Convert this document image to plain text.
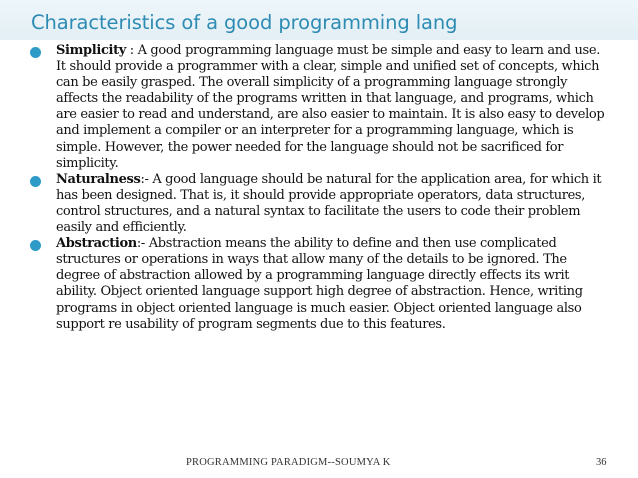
Characteristics of a good programming lang
Simplicity : A good programming language must be simple and easy to learn and use. It should provide a programmer with a clear, simple and unified set of concepts, which can be easily grasped. The overall simplicity of a programming language strongly affects the readability of the programs written in that language, and programs, which are easier to read and understand, are also easier to maintain. It is also easy to develop and implement a compiler or an interpreter for a programming language, which is simple. However, the power needed for the language should not be sacrificed for simplicity.
Naturalness:- A good language should be natural for the application area, for which it has been designed. That is, it should provide appropriate operators, data structures, control structures, and a natural syntax to facilitate the users to code their problem easily and efficiently.
Abstraction:- Abstraction means the ability to define and then use complicated structures or operations in ways that allow many of the details to be ignored. The degree of abstraction allowed by a programming language directly effects its writ ability. Object oriented language support high degree of abstraction. Hence, writing programs in object oriented language is much easier. Object oriented language also support re usability of program segments due to this features.
PROGRAMMING PARADIGM--SOUMYA K	36
